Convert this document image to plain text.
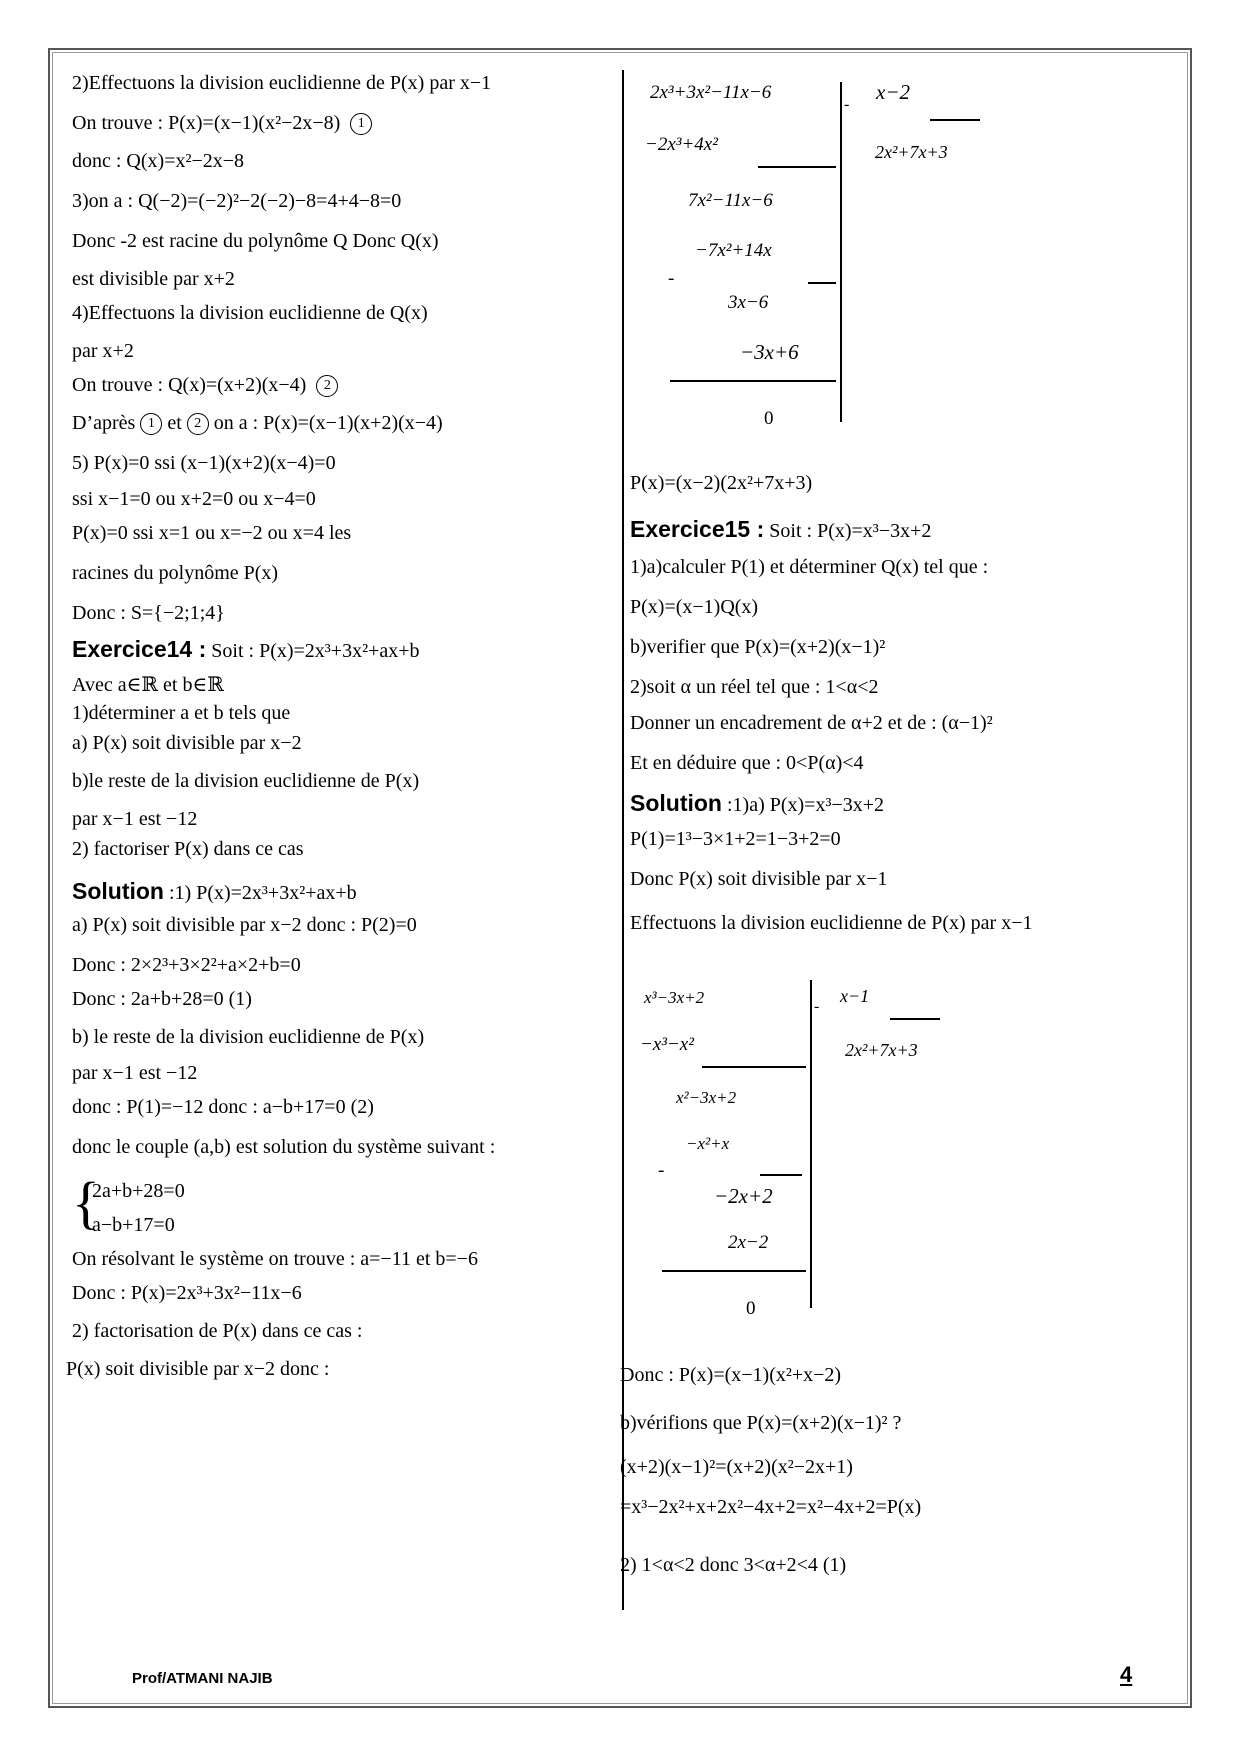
2)Effectuons la division euclidienne de P(x) par x−1
On trouve : P(x)=(x−1)(x²−2x−8) 1
donc : Q(x)=x²−2x−8
3)on a : Q(−2)=(−2)²−2(−2)−8=4+4−8=0
Donc -2 est racine du polynôme Q Donc Q(x)
est divisible par x+2
4)Effectuons la division euclidienne de Q(x)
par x+2
On trouve : Q(x)=(x+2)(x−4) 2
D’après 1 et 2 on a : P(x)=(x−1)(x+2)(x−4)
5) P(x)=0 ssi (x−1)(x+2)(x−4)=0
ssi x−1=0 ou x+2=0 ou x−4=0
P(x)=0 ssi x=1 ou x=−2 ou x=4 les
racines du polynôme P(x)
Donc : S={−2;1;4}
Exercice14 : Soit : P(x)=2x³+3x²+ax+b
Avec a∈ℝ et b∈ℝ
1)déterminer a et b tels que
a) P(x) soit divisible par x−2
b)le reste de la division euclidienne de P(x)
par x−1 est −12
2) factoriser P(x) dans ce cas
Solution :1) P(x)=2x³+3x²+ax+b
a) P(x) soit divisible par x−2 donc : P(2)=0
Donc : 2×2³+3×2²+a×2+b=0
Donc : 2a+b+28=0 (1)
b) le reste de la division euclidienne de P(x)
par x−1 est −12
donc : P(1)=−12 donc : a−b+17=0 (2)
donc le couple (a,b) est solution du système suivant :
{
2a+b+28=0
a−b+17=0
On résolvant le système on trouve : a=−11 et b=−6
Donc : P(x)=2x³+3x²−11x−6
2) factorisation de P(x) dans ce cas :
P(x) soit divisible par x−2 donc :
2x³+3x²−11x−6	x−2
2x²+7x+3
-
−2x³+4x²
7x²−11x−6
−7x²+14x
-
3x−6
−3x+6
0
P(x)=(x−2)(2x²+7x+3)
Exercice15 : Soit : P(x)=x³−3x+2
1)a)calculer P(1) et déterminer Q(x) tel que :
P(x)=(x−1)Q(x)
b)verifier que P(x)=(x+2)(x−1)²
2)soit α un réel tel que : 1<α<2
Donner un encadrement de α+2 et de : (α−1)²
Et en déduire que : 0<P(α)<4
Solution :1)a) P(x)=x³−3x+2
P(1)=1³−3×1+2=1−3+2=0
Donc P(x) soit divisible par x−1
Effectuons la division euclidienne de P(x) par x−1
x³−3x+2	x−1
2x²+7x+3
-
−x³−x²
x²−3x+2
−x²+x
-
−2x+2
2x−2
0
Donc : P(x)=(x−1)(x²+x−2)
b)vérifions que P(x)=(x+2)(x−1)² ?
(x+2)(x−1)²=(x+2)(x²−2x+1)
=x³−2x²+x+2x²−4x+2=x²−4x+2=P(x)
2) 1<α<2 donc 3<α+2<4 (1)
Prof/ATMANI NAJIB	4
